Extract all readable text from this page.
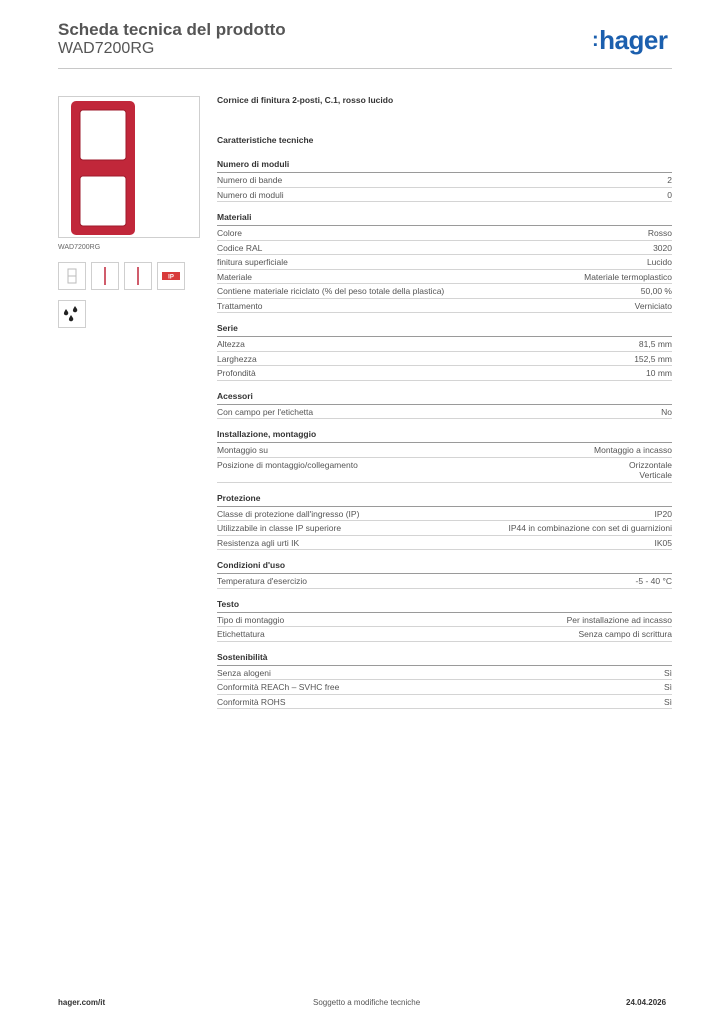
Scheda tecnica del prodotto
WAD7200RG	:hager
WAD7200RG
IP
Cornice di finitura 2-posti, C.1, rosso lucido
Caratteristiche tecniche
Numero di moduli
Numero di bande	2
Numero di moduli	0
Materiali
Colore	Rosso
Codice RAL	3020
finitura superficiale	Lucido
Materiale	Materiale termoplastico
Contiene materiale riciclato (% del peso totale della plastica)	50,00 %
Trattamento	Verniciato
Serie
Altezza	81,5 mm
Larghezza	152,5 mm
Profondità	10 mm
Acessori
Con campo per l'etichetta	No
Installazione, montaggio
Montaggio su	Montaggio a incasso
Posizione di montaggio/collegamento	Orizzontale
Verticale
Protezione
Classe di protezione dall'ingresso (IP)	IP20
Utilizzabile in classe IP superiore	IP44 in combinazione con set di guarnizioni
Resistenza agli urti IK	IK05
Condizioni d'uso
Temperatura d'esercizio	-5 - 40 °C
Testo
Tipo di montaggio	Per installazione ad incasso
Etichettatura	Senza campo di scrittura
Sostenibilità
Senza alogeni	Sì
Conformità REACh – SVHC free	Sì
Conformità ROHS	Sì
hager.com/it	Soggetto a modifiche tecniche	24.04.2026
